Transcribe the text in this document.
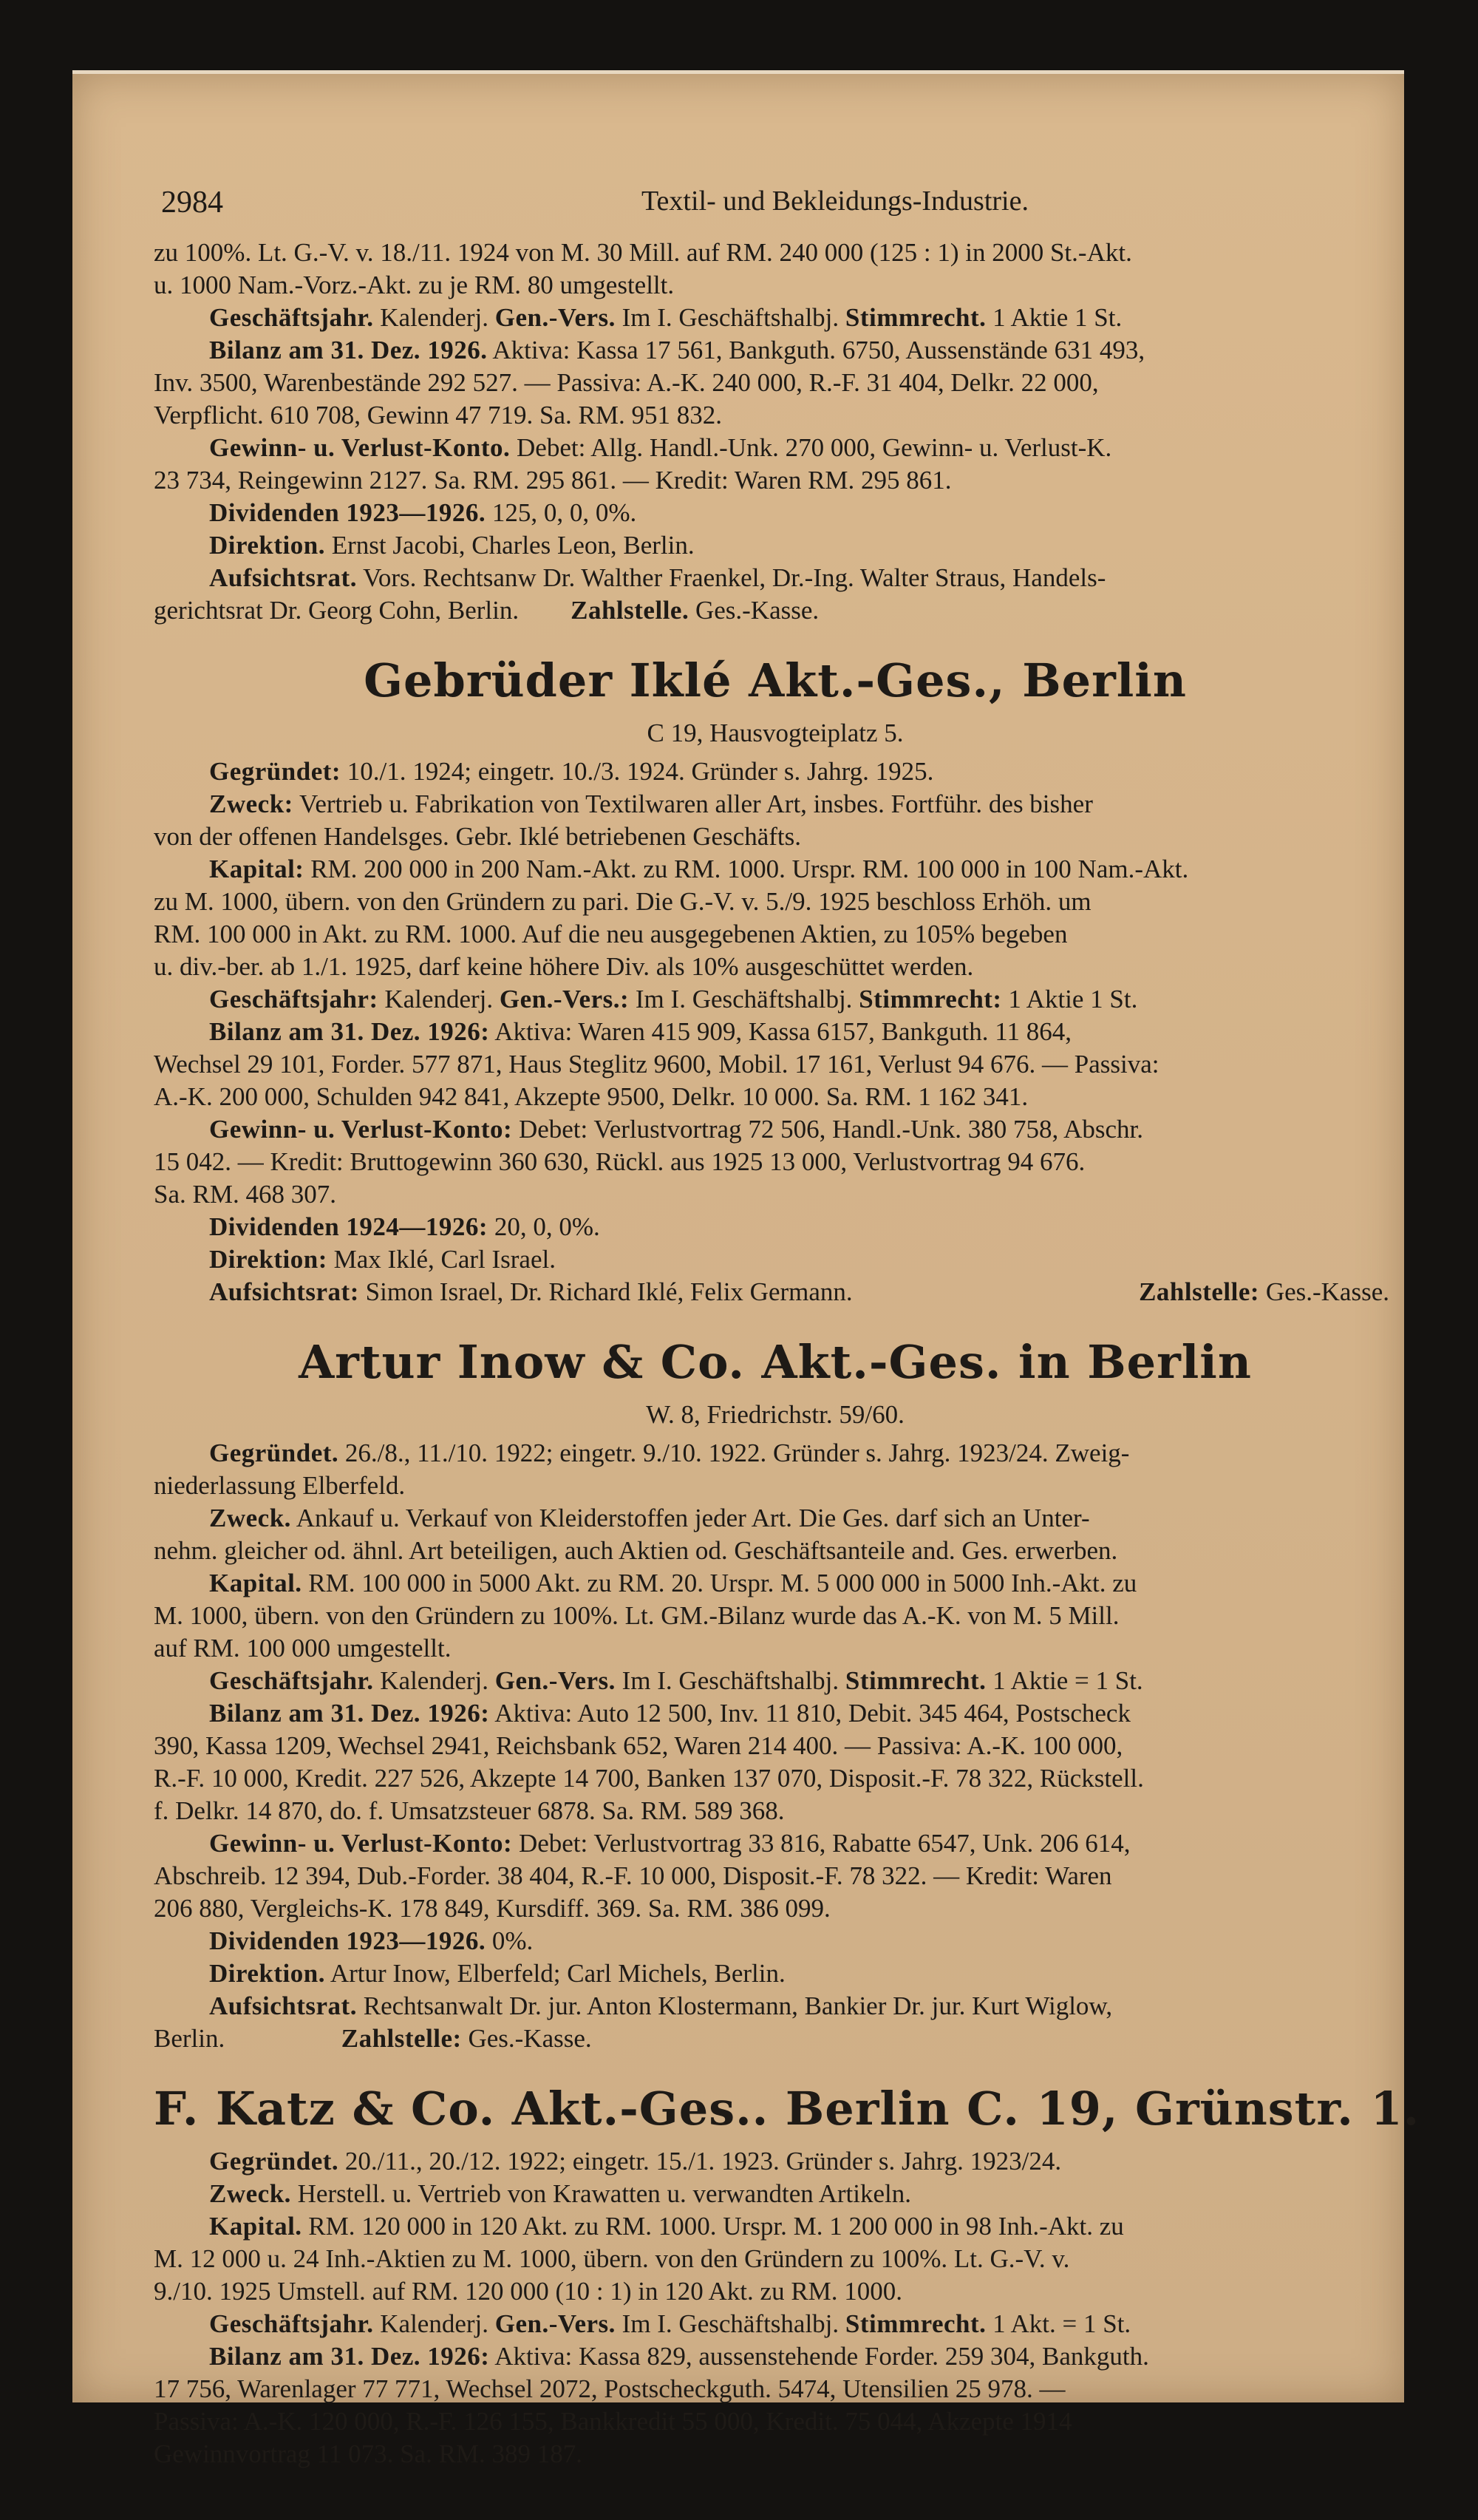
2984	Textil- und Bekleidungs-Industrie.

zu 100%. Lt. G.-V. v. 18./11. 1924 von M. 30 Mill. auf RM. 240 000 (125 : 1) in 2000 St.-Akt.

u. 1000 Nam.-Vorz.-Akt. zu je RM. 80 umgestellt.

Geschäftsjahr. Kalenderj. Gen.-Vers. Im I. Geschäftshalbj. Stimmrecht. 1 Aktie 1 St.

Bilanz am 31. Dez. 1926. Aktiva: Kassa 17 561, Bankguth. 6750, Aussenstände 631 493,

Inv. 3500, Warenbestände 292 527. — Passiva: A.-K. 240 000, R.-F. 31 404, Delkr. 22 000,

Verpflicht. 610 708, Gewinn 47 719. Sa. RM. 951 832.

Gewinn- u. Verlust-Konto. Debet: Allg. Handl.-Unk. 270 000, Gewinn- u. Verlust-K.

23 734, Reingewinn 2127. Sa. RM. 295 861. — Kredit: Waren RM. 295 861.

Dividenden 1923—1926. 125, 0, 0, 0%.

Direktion. Ernst Jacobi, Charles Leon, Berlin.

Aufsichtsrat. Vors. Rechtsanw Dr. Walther Fraenkel, Dr.-Ing. Walter Straus, Handels-

gerichtsrat Dr. Georg Cohn, Berlin. Zahlstelle. Ges.-Kasse.

Gebrüder Iklé Akt.-Ges., Berlin
C 19, Hausvogteiplatz 5.

Gegründet: 10./1. 1924; eingetr. 10./3. 1924. Gründer s. Jahrg. 1925.

Zweck: Vertrieb u. Fabrikation von Textilwaren aller Art, insbes. Fortführ. des bisher

von der offenen Handelsges. Gebr. Iklé betriebenen Geschäfts.

Kapital: RM. 200 000 in 200 Nam.-Akt. zu RM. 1000. Urspr. RM. 100 000 in 100 Nam.-Akt.

zu M. 1000, übern. von den Gründern zu pari. Die G.-V. v. 5./9. 1925 beschloss Erhöh. um

RM. 100 000 in Akt. zu RM. 1000. Auf die neu ausgegebenen Aktien, zu 105% begeben

u. div.-ber. ab 1./1. 1925, darf keine höhere Div. als 10% ausgeschüttet werden.

Geschäftsjahr: Kalenderj. Gen.-Vers.: Im I. Geschäftshalbj. Stimmrecht: 1 Aktie 1 St.

Bilanz am 31. Dez. 1926: Aktiva: Waren 415 909, Kassa 6157, Bankguth. 11 864,

Wechsel 29 101, Forder. 577 871, Haus Steglitz 9600, Mobil. 17 161, Verlust 94 676. — Passiva:

A.-K. 200 000, Schulden 942 841, Akzepte 9500, Delkr. 10 000. Sa. RM. 1 162 341.

Gewinn- u. Verlust-Konto: Debet: Verlustvortrag 72 506, Handl.-Unk. 380 758, Abschr.

15 042. — Kredit: Bruttogewinn 360 630, Rückl. aus 1925 13 000, Verlustvortrag 94 676.

Sa. RM. 468 307.

Dividenden 1924—1926: 20, 0, 0%.

Direktion: Max Iklé, Carl Israel.

Aufsichtsrat: Simon Israel, Dr. Richard Iklé, Felix Germann.	Zahlstelle: Ges.-Kasse.

Artur Inow & Co. Akt.-Ges. in Berlin
W. 8, Friedrichstr. 59/60.

Gegründet. 26./8., 11./10. 1922; eingetr. 9./10. 1922. Gründer s. Jahrg. 1923/24. Zweig-

niederlassung Elberfeld.

Zweck. Ankauf u. Verkauf von Kleiderstoffen jeder Art. Die Ges. darf sich an Unter-

nehm. gleicher od. ähnl. Art beteiligen, auch Aktien od. Geschäftsanteile and. Ges. erwerben.

Kapital. RM. 100 000 in 5000 Akt. zu RM. 20. Urspr. M. 5 000 000 in 5000 Inh.-Akt. zu

M. 1000, übern. von den Gründern zu 100%. Lt. GM.-Bilanz wurde das A.-K. von M. 5 Mill.

auf RM. 100 000 umgestellt.

Geschäftsjahr. Kalenderj. Gen.-Vers. Im I. Geschäftshalbj. Stimmrecht. 1 Aktie = 1 St.

Bilanz am 31. Dez. 1926: Aktiva: Auto 12 500, Inv. 11 810, Debit. 345 464, Postscheck

390, Kassa 1209, Wechsel 2941, Reichsbank 652, Waren 214 400. — Passiva: A.-K. 100 000,

R.-F. 10 000, Kredit. 227 526, Akzepte 14 700, Banken 137 070, Disposit.-F. 78 322, Rückstell.

f. Delkr. 14 870, do. f. Umsatzsteuer 6878. Sa. RM. 589 368.

Gewinn- u. Verlust-Konto: Debet: Verlustvortrag 33 816, Rabatte 6547, Unk. 206 614,

Abschreib. 12 394, Dub.-Forder. 38 404, R.-F. 10 000, Disposit.-F. 78 322. — Kredit: Waren

206 880, Vergleichs-K. 178 849, Kursdiff. 369. Sa. RM. 386 099.

Dividenden 1923—1926. 0%.

Direktion. Artur Inow, Elberfeld; Carl Michels, Berlin.

Aufsichtsrat. Rechtsanwalt Dr. jur. Anton Klostermann, Bankier Dr. jur. Kurt Wiglow,

Berlin.	Zahlstelle: Ges.-Kasse.

F. Katz & Co. Akt.-Ges.. Berlin C. 19, Grünstr. 1.

Gegründet. 20./11., 20./12. 1922; eingetr. 15./1. 1923. Gründer s. Jahrg. 1923/24.

Zweck. Herstell. u. Vertrieb von Krawatten u. verwandten Artikeln.

Kapital. RM. 120 000 in 120 Akt. zu RM. 1000. Urspr. M. 1 200 000 in 98 Inh.-Akt. zu

M. 12 000 u. 24 Inh.-Aktien zu M. 1000, übern. von den Gründern zu 100%. Lt. G.-V. v.

9./10. 1925 Umstell. auf RM. 120 000 (10 : 1) in 120 Akt. zu RM. 1000.

Geschäftsjahr. Kalenderj. Gen.-Vers. Im I. Geschäftshalbj. Stimmrecht. 1 Akt. = 1 St.

Bilanz am 31. Dez. 1926: Aktiva: Kassa 829, aussenstehende Forder. 259 304, Bankguth.

17 756, Warenlager 77 771, Wechsel 2072, Postscheckguth. 5474, Utensilien 25 978. —

Passiva: A.-K. 120 000, R.-F. 126 155, Bankkredit 55 000, Kredit. 75 044, Akzepte 1914

Gewinnvortrag 11 073. Sa. RM. 389 187.
